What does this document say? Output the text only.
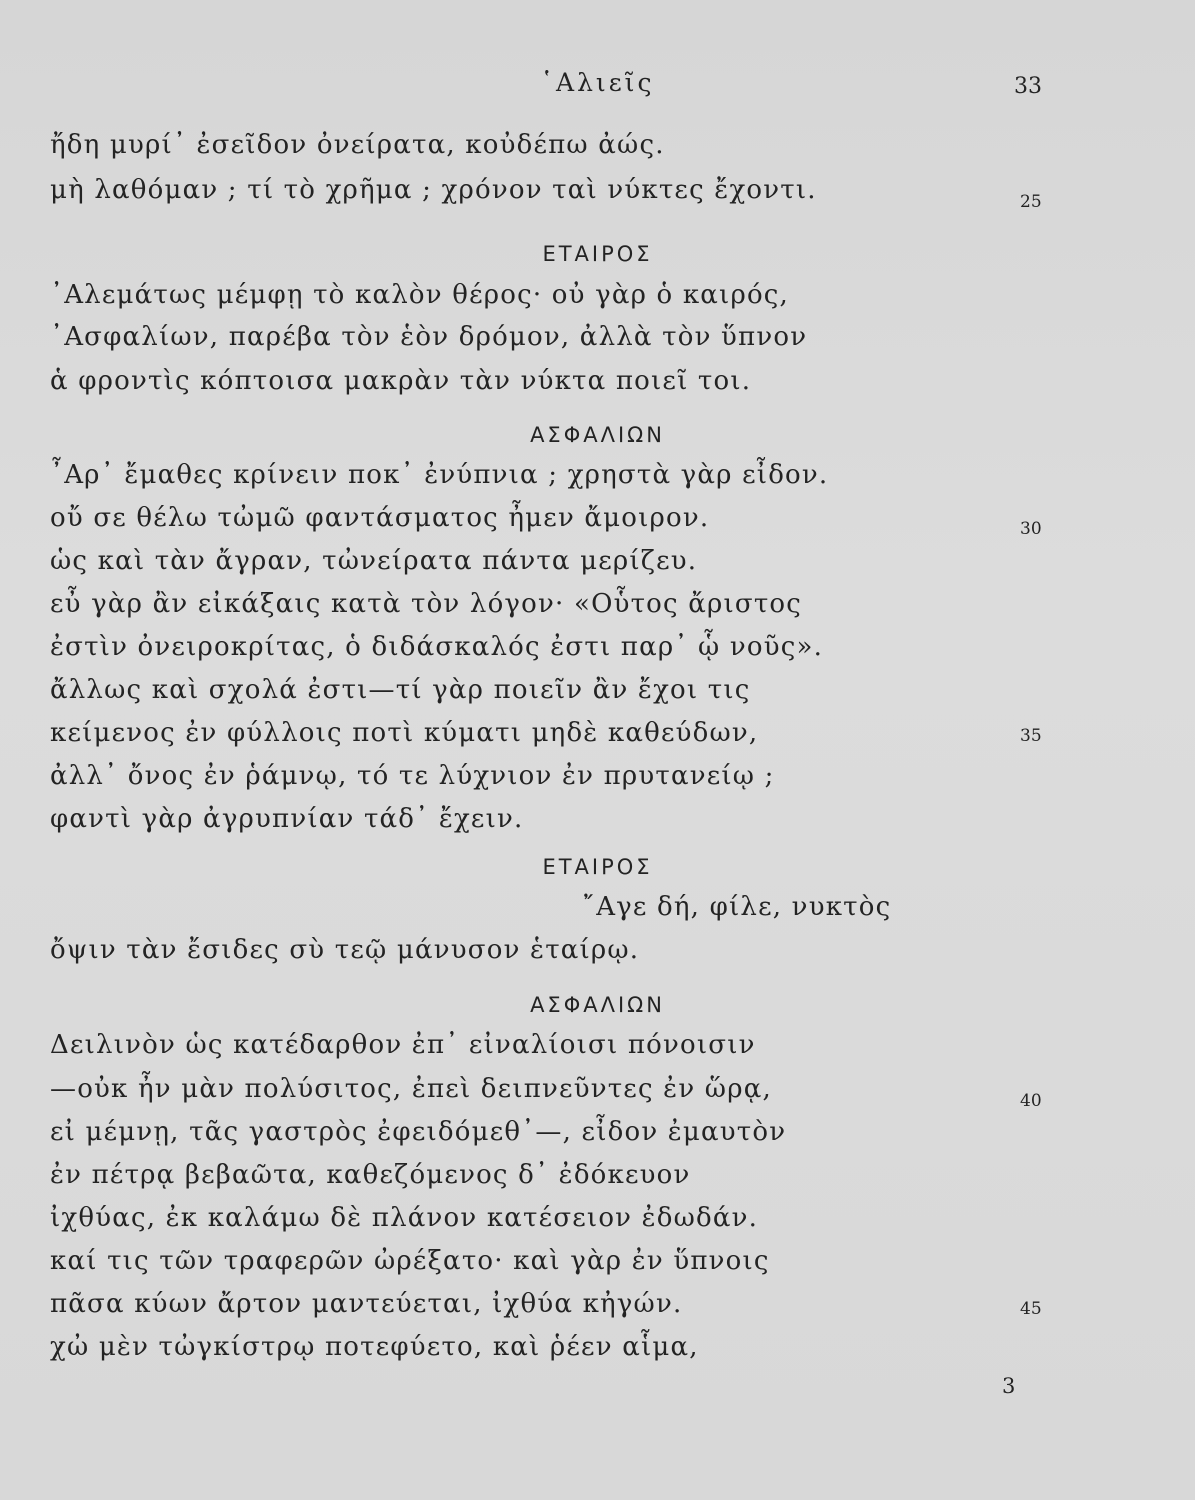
῾Αλιεῖς	33
ἤδη μυρί᾽ ἐσεῖδον ὀνείρατα, κοὐδέπω ἀώς.
μὴ λαθόμαν ; τί τὸ χρῆμα ; χρόνον ταὶ νύκτες ἔχοντι.	25
ΕΤΑΙΡΟΣ
᾽Αλεμάτως μέμφῃ τὸ καλὸν θέρος· οὐ γὰρ ὁ καιρός,
᾽Ασφαλίων, παρέβα τὸν ἑὸν δρόμον, ἀλλὰ τὸν ὕπνον
ἁ φροντὶς κόπτοισα μακρὰν τὰν νύκτα ποιεῖ τοι.
ΑΣΦΑΛΙΩΝ
῏Αρ᾽ ἔμαθες κρίνειν ποκ᾽ ἐνύπνια ; χρηστὰ γὰρ εἶδον.
οὔ σε θέλω τὠμῶ φαντάσματος ἦμεν ἄμοιρον.	30
ὡς καὶ τὰν ἄγραν, τὠνείρατα πάντα μερίζευ.
εὖ γὰρ ἂν εἰκάξαις κατὰ τὸν λόγον· «Οὗτος ἄριστος
ἐστὶν ὀνειροκρίτας, ὁ διδάσκαλός ἐστι παρ᾽ ᾧ νοῦς».
ἄλλως καὶ σχολά ἐστι—τί γὰρ ποιεῖν ἂν ἔχοι τις
κείμενος ἐν φύλλοις ποτὶ κύματι μηδὲ καθεύδων,	35
ἀλλ᾽ ὄνος ἐν ῥάμνῳ, τό τε λύχνιον ἐν πρυτανείῳ ;
φαντὶ γὰρ ἀγρυπνίαν τάδ᾽ ἔχειν.
ΕΤΑΙΡΟΣ
῎Αγε δή, φίλε, νυκτὸς
ὄψιν τὰν ἔσιδες σὺ τεῷ μάνυσον ἑταίρῳ.
ΑΣΦΑΛΙΩΝ
Δειλινὸν ὡς κατέδαρθον ἐπ᾽ εἰναλίοισι πόνοισιν
—οὐκ ἦν μὰν πολύσιτος, ἐπεὶ δειπνεῦντες ἐν ὥρᾳ,	40
εἰ μέμνῃ, τᾶς γαστρὸς ἐφειδόμεθ᾽—, εἶδον ἐμαυτὸν
ἐν πέτρᾳ βεβαῶτα, καθεζόμενος δ᾽ ἐδόκευον
ἰχθύας, ἐκ καλάμω δὲ πλάνον κατέσειον ἐδωδάν.
καί τις τῶν τραφερῶν ὠρέξατο· καὶ γὰρ ἐν ὕπνοις
πᾶσα κύων ἄρτον μαντεύεται, ἰχθύα κἠγών.	45
χὠ μὲν τὠγκίστρῳ ποτεφύετο, καὶ ῥέεν αἷμα,
3
